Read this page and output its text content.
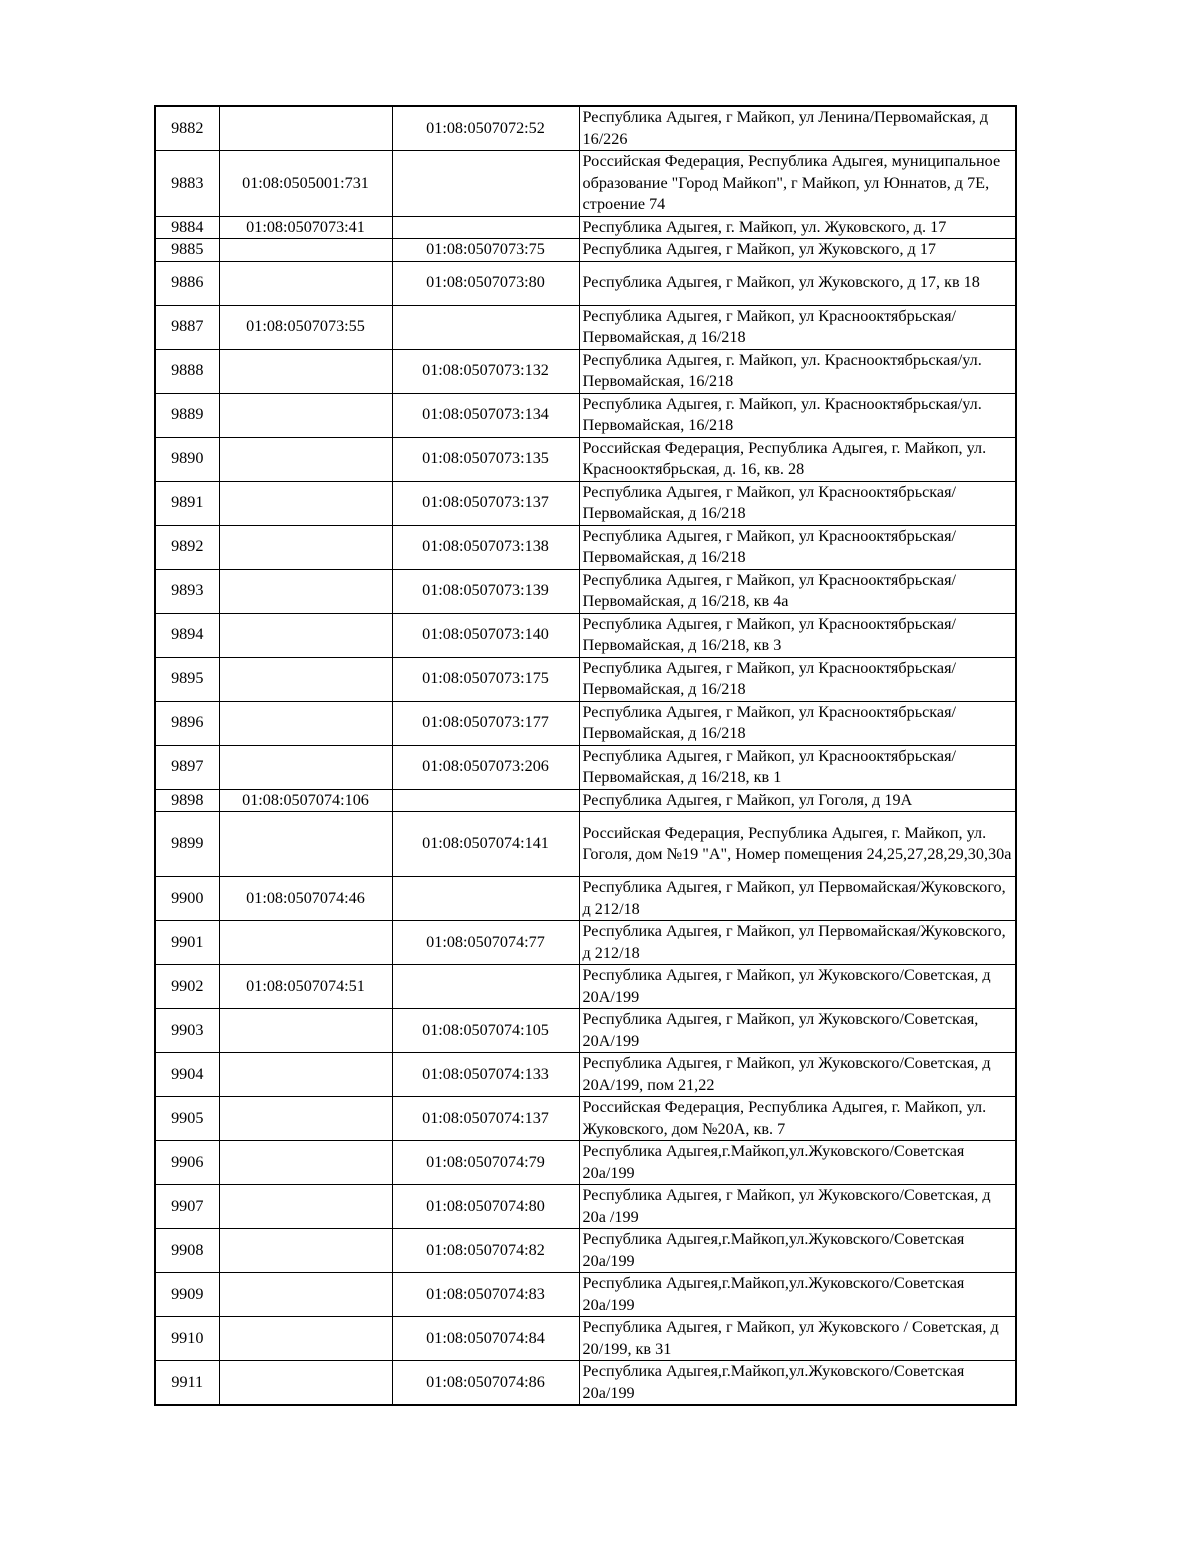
9882		01:08:0507072:52	Республика Адыгея, г Майкоп, ул Ленина/Первомайская, д 16/226
9883	01:08:0505001:731		Российская Федерация, Республика Адыгея, муниципальное образование "Город Майкоп", г Майкоп, ул Юннатов, д 7Е, строение 74
9884	01:08:0507073:41		Республика Адыгея, г. Майкоп, ул. Жуковского, д. 17
9885		01:08:0507073:75	Республика Адыгея, г Майкоп, ул Жуковского, д 17
9886		01:08:0507073:80	Республика Адыгея, г Майкоп, ул Жуковского, д 17, кв 18
9887	01:08:0507073:55		Республика Адыгея, г Майкоп, ул Краснооктябрьская/Первомайская, д 16/218
9888		01:08:0507073:132	Республика Адыгея, г. Майкоп, ул. Краснооктябрьская/ул. Первомайская, 16/218
9889		01:08:0507073:134	Республика Адыгея, г. Майкоп, ул. Краснооктябрьская/ул. Первомайская, 16/218
9890		01:08:0507073:135	Российская Федерация, Республика Адыгея, г. Майкоп, ул. Краснооктябрьская, д. 16, кв. 28
9891		01:08:0507073:137	Республика Адыгея, г Майкоп, ул Краснооктябрьская/Первомайская, д 16/218
9892		01:08:0507073:138	Республика Адыгея, г Майкоп, ул Краснооктябрьская/Первомайская, д 16/218
9893		01:08:0507073:139	Республика Адыгея, г Майкоп, ул Краснооктябрьская/Первомайская, д 16/218, кв 4а
9894		01:08:0507073:140	Республика Адыгея, г Майкоп, ул Краснооктябрьская/Первомайская, д 16/218, кв 3
9895		01:08:0507073:175	Республика Адыгея, г Майкоп, ул Краснооктябрьская/Первомайская, д 16/218
9896		01:08:0507073:177	Республика Адыгея, г Майкоп, ул Краснооктябрьская/Первомайская, д 16/218
9897		01:08:0507073:206	Республика Адыгея, г Майкоп, ул Краснооктябрьская/Первомайская, д 16/218, кв 1
9898	01:08:0507074:106		Республика Адыгея, г Майкоп, ул Гоголя, д 19А
9899		01:08:0507074:141	Российская Федерация, Республика Адыгея, г. Майкоп, ул. Гоголя, дом №19 "А", Номер помещения 24,25,27,28,29,30,30а
9900	01:08:0507074:46		Республика Адыгея, г Майкоп, ул Первомайская/Жуковского, д 212/18
9901		01:08:0507074:77	Республика Адыгея, г Майкоп, ул Первомайская/Жуковского, д 212/18
9902	01:08:0507074:51		Республика Адыгея, г Майкоп, ул Жуковского/Советская, д 20А/199
9903		01:08:0507074:105	Республика Адыгея, г Майкоп, ул Жуковского/Советская, 20А/199
9904		01:08:0507074:133	Республика Адыгея, г Майкоп, ул Жуковского/Советская, д 20А/199, пом 21,22
9905		01:08:0507074:137	Российская Федерация, Республика Адыгея, г. Майкоп, ул. Жуковского, дом №20А, кв. 7
9906		01:08:0507074:79	Республика Адыгея,г.Майкоп,ул.Жуковского/Советская 20а/199
9907		01:08:0507074:80	Республика Адыгея, г Майкоп, ул Жуковского/Советская, д 20а /199
9908		01:08:0507074:82	Республика Адыгея,г.Майкоп,ул.Жуковского/Советская 20а/199
9909		01:08:0507074:83	Республика Адыгея,г.Майкоп,ул.Жуковского/Советская 20а/199
9910		01:08:0507074:84	Республика Адыгея, г Майкоп, ул Жуковского / Советская, д 20/199, кв 31
9911		01:08:0507074:86	Республика Адыгея,г.Майкоп,ул.Жуковского/Советская 20а/199
